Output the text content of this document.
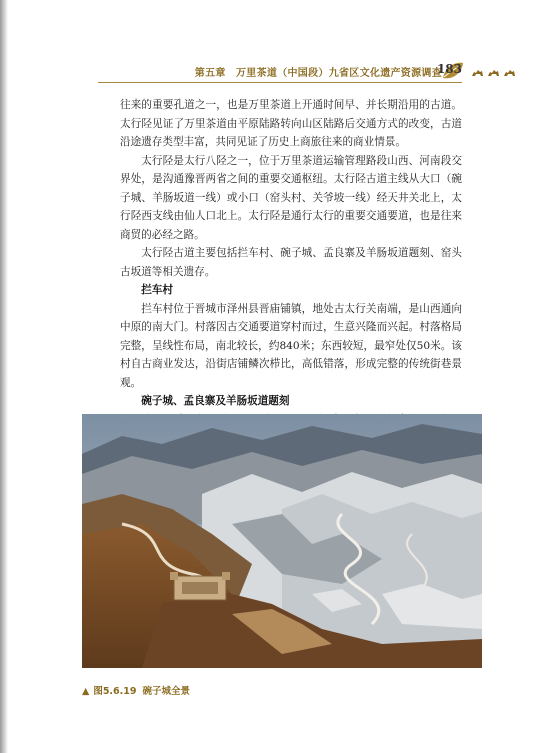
第五章　万里茶道（中国段）九省区文化遗产资源调查
183

往来的重要孔道之一，也是万里茶道上开通时间早、并长期沿用的古道。太行陉见证了万里茶道由平原陆路转向山区陆路后交通方式的改变，古道沿途遗存类型丰富，共同见证了历史上商旅往来的商业情景。

太行陉是太行八陉之一，位于万里茶道运输管理路段山西、河南段交界处，是沟通豫晋两省之间的重要交通枢纽。太行陉古道主线从大口（碗子城、羊肠坂道一线）或小口（窑头村、关爷坡一线）经天井关北上，太行陉西支线由仙人口北上。太行陉是通行太行的重要交通要道，也是往来商贸的必经之路。

太行陉古道主要包括拦车村、碗子城、孟良寨及羊肠坂道题刻、窑头古坂道等相关遗存。

拦车村

拦车村位于晋城市泽州县晋庙铺镇，地处古太行关南端，是山西通向中原的南大门。村落因古交通要道穿村而过，生意兴隆而兴起。村落格局完整，呈线性布局，南北较长，约840米；东西较短，最窄处仅50米。该村自古商业发达，沿街店铺鳞次栉比，高低错落，形成完整的传统街巷景观。

碗子城、孟良寨及羊肠坂道题刻

▲ 图5.6.19 碗子城全景
